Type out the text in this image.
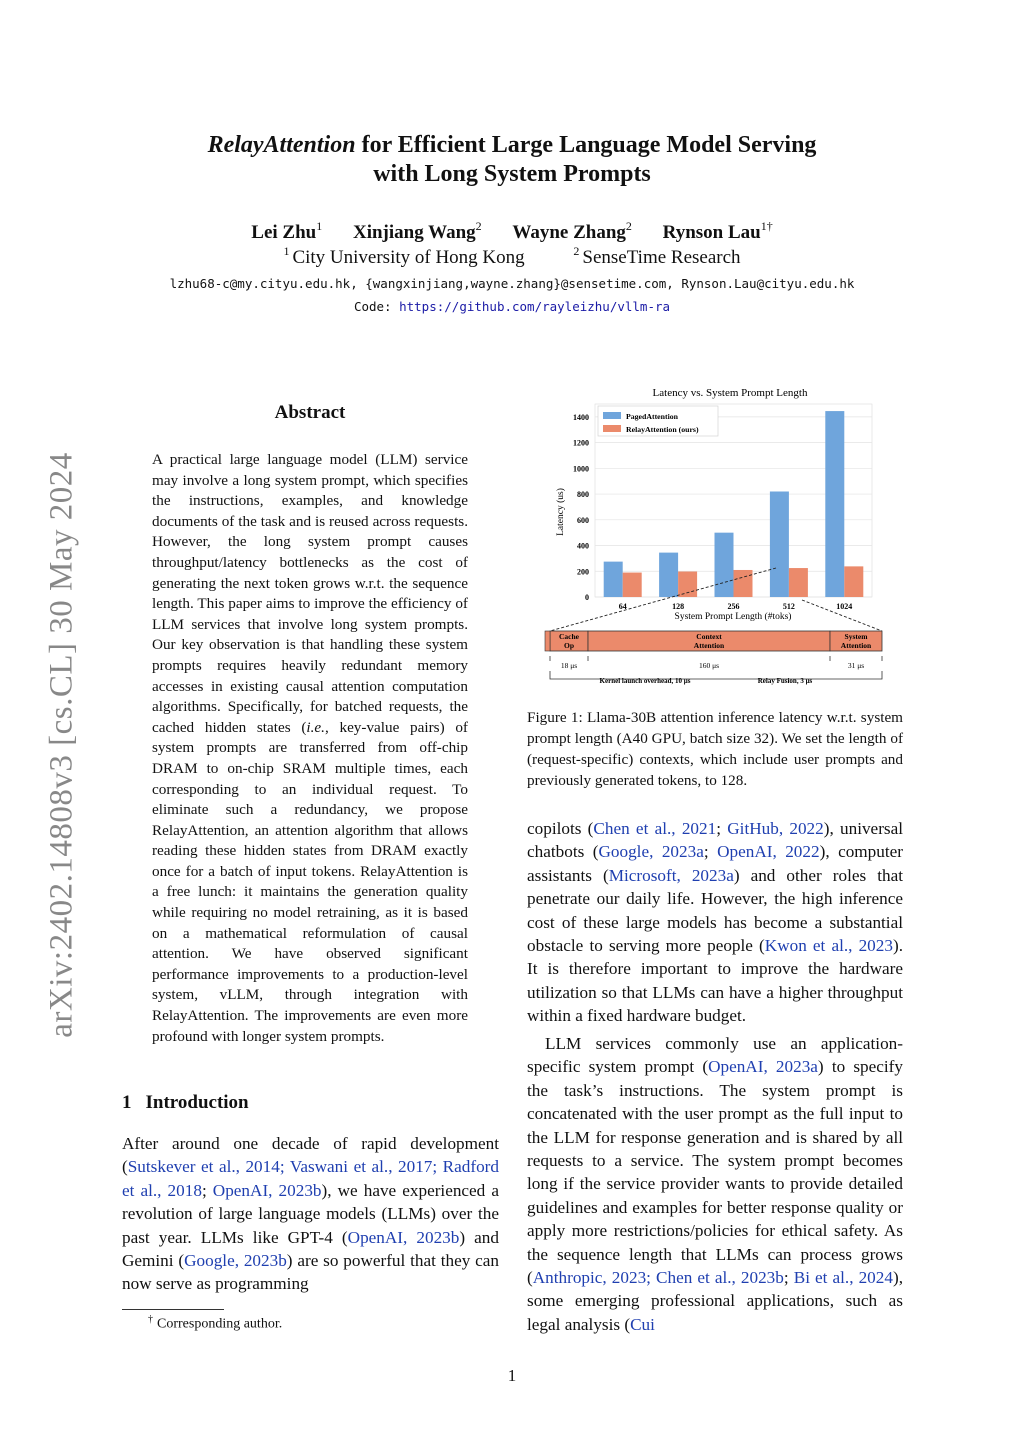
RelayAttention for Efficient Large Language Model Serving
with Long System Prompts
Lei Zhu$^1$ Xinjiang Wang$^2$ Wayne Zhang$^2$ Rynson Lau$^{1\dagger}$
$^1$ City University of Hong Kong	$^2$ SenseTime Research
lzhu68-c@my.cityu.edu.hk, {wangxinjiang,wayne.zhang}@sensetime.com, Rynson.Lau@cityu.edu.hk
Code: https://github.com/rayleizhu/vllm-ra
arXiv:2402.14808v3 [cs.CL] 30 May 2024
Abstract
A practical large language model (LLM) service may involve a long system prompt, which specifies the instructions, examples, and knowledge documents of the task and is reused across requests. However, the long system prompt causes throughput/latency bottlenecks as the cost of generating the next token grows w.r.t. the sequence length. This paper aims to improve the efficiency of LLM services that involve long system prompts. Our key observation is that handling these system prompts requires heavily redundant memory accesses in existing causal attention computation algorithms. Specifically, for batched requests, the cached hidden states (i.e., key-value pairs) of system prompts are transferred from off-chip DRAM to on-chip SRAM multiple times, each corresponding to an individual request. To eliminate such a redundancy, we propose RelayAttention, an attention algorithm that allows reading these hidden states from DRAM exactly once for a batch of input tokens. RelayAttention is a free lunch: it maintains the generation quality while requiring no model retraining, as it is based on a mathematical reformulation of causal attention. We have observed significant performance improvements to a production-level system, vLLM, through integration with RelayAttention. The improvements are even more profound with longer system prompts.
1 Introduction
After around one decade of rapid development (Sutskever et al., 2014; Vaswani et al., 2017; Radford et al., 2018; OpenAI, 2023b), we have experienced a revolution of large language models (LLMs) over the past year. LLMs like GPT-4 (OpenAI, 2023b) and Gemini (Google, 2023b) are so powerful that they can now serve as programming
Latency vs. System Prompt Length
0
200
400
600
800
1000
1200
1400
64	128	256	512	1024
Latency (us)
System Prompt Length (#toks)
PagedAttention
RelayAttention (ours)
Cache Op
Context Attention
System Attention
18 μs	160 μs	31 μs
Kernel launch overhead, 10 μs	Relay Fusion, 3 μs
Figure 1: Llama-30B attention inference latency w.r.t. system prompt length (A40 GPU, batch size 32). We set the length of (request-specific) contexts, which include user prompts and previously generated tokens, to 128.
copilots (Chen et al., 2021; GitHub, 2022), universal chatbots (Google, 2023a; OpenAI, 2022), computer assistants (Microsoft, 2023a) and other roles that penetrate our daily life. However, the high inference cost of these large models has become a substantial obstacle to serving more people (Kwon et al., 2023). It is therefore important to improve the hardware utilization so that LLMs can have a higher throughput within a fixed hardware budget.
LLM services commonly use an application-specific system prompt (OpenAI, 2023a) to specify the task’s instructions. The system prompt is concatenated with the user prompt as the full input to the LLM for response generation and is shared by all requests to a service. The system prompt becomes long if the service provider wants to provide detailed guidelines and examples for better response quality or apply more restrictions/policies for ethical safety. As the sequence length that LLMs can process grows (Anthropic, 2023; Chen et al., 2023b; Bi et al., 2024), some emerging professional applications, such as legal analysis (Cui
† Corresponding author.
1
